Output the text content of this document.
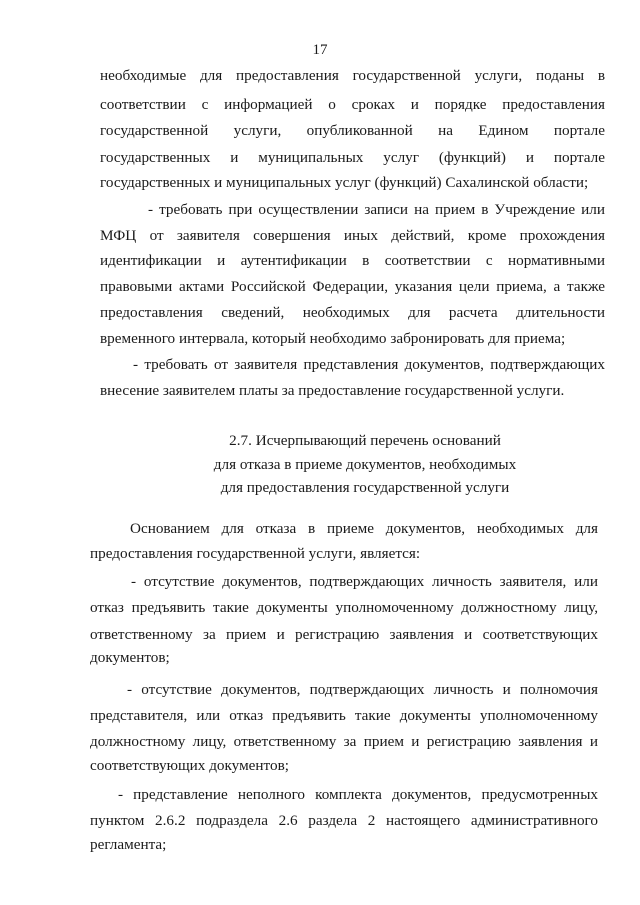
17
необходимые для предоставления государственной услуги, поданы в
соответствии с информацией о сроках и порядке предоставления
государственной услуги, опубликованной на Едином портале
государственных и муниципальных услуг (функций) и портале
государственных и муниципальных услуг (функций) Сахалинской области;
- требовать при осуществлении записи на прием в Учреждение или
МФЦ от заявителя совершения иных действий, кроме прохождения
идентификации и аутентификации в соответствии с нормативными
правовыми актами Российской Федерации, указания цели приема, а также
предоставления сведений, необходимых для расчета длительности
временного интервала, который необходимо забронировать для приема;
- требовать от заявителя представления документов, подтверждающих
внесение заявителем платы за предоставление государственной услуги.
2.7. Исчерпывающий перечень оснований
для отказа в приеме документов, необходимых
для предоставления государственной услуги
Основанием для отказа в приеме документов, необходимых для
предоставления государственной услуги, является:
- отсутствие документов, подтверждающих личность заявителя, или
отказ предъявить такие документы уполномоченному должностному лицу,
ответственному за прием и регистрацию заявления и соответствующих
документов;
- отсутствие документов, подтверждающих личность и полномочия
представителя, или отказ предъявить такие документы уполномоченному
должностному лицу, ответственному за прием и регистрацию заявления и
соответствующих документов;
- представление неполного комплекта документов, предусмотренных
пунктом 2.6.2 подраздела 2.6 раздела 2 настоящего административного
регламента;
